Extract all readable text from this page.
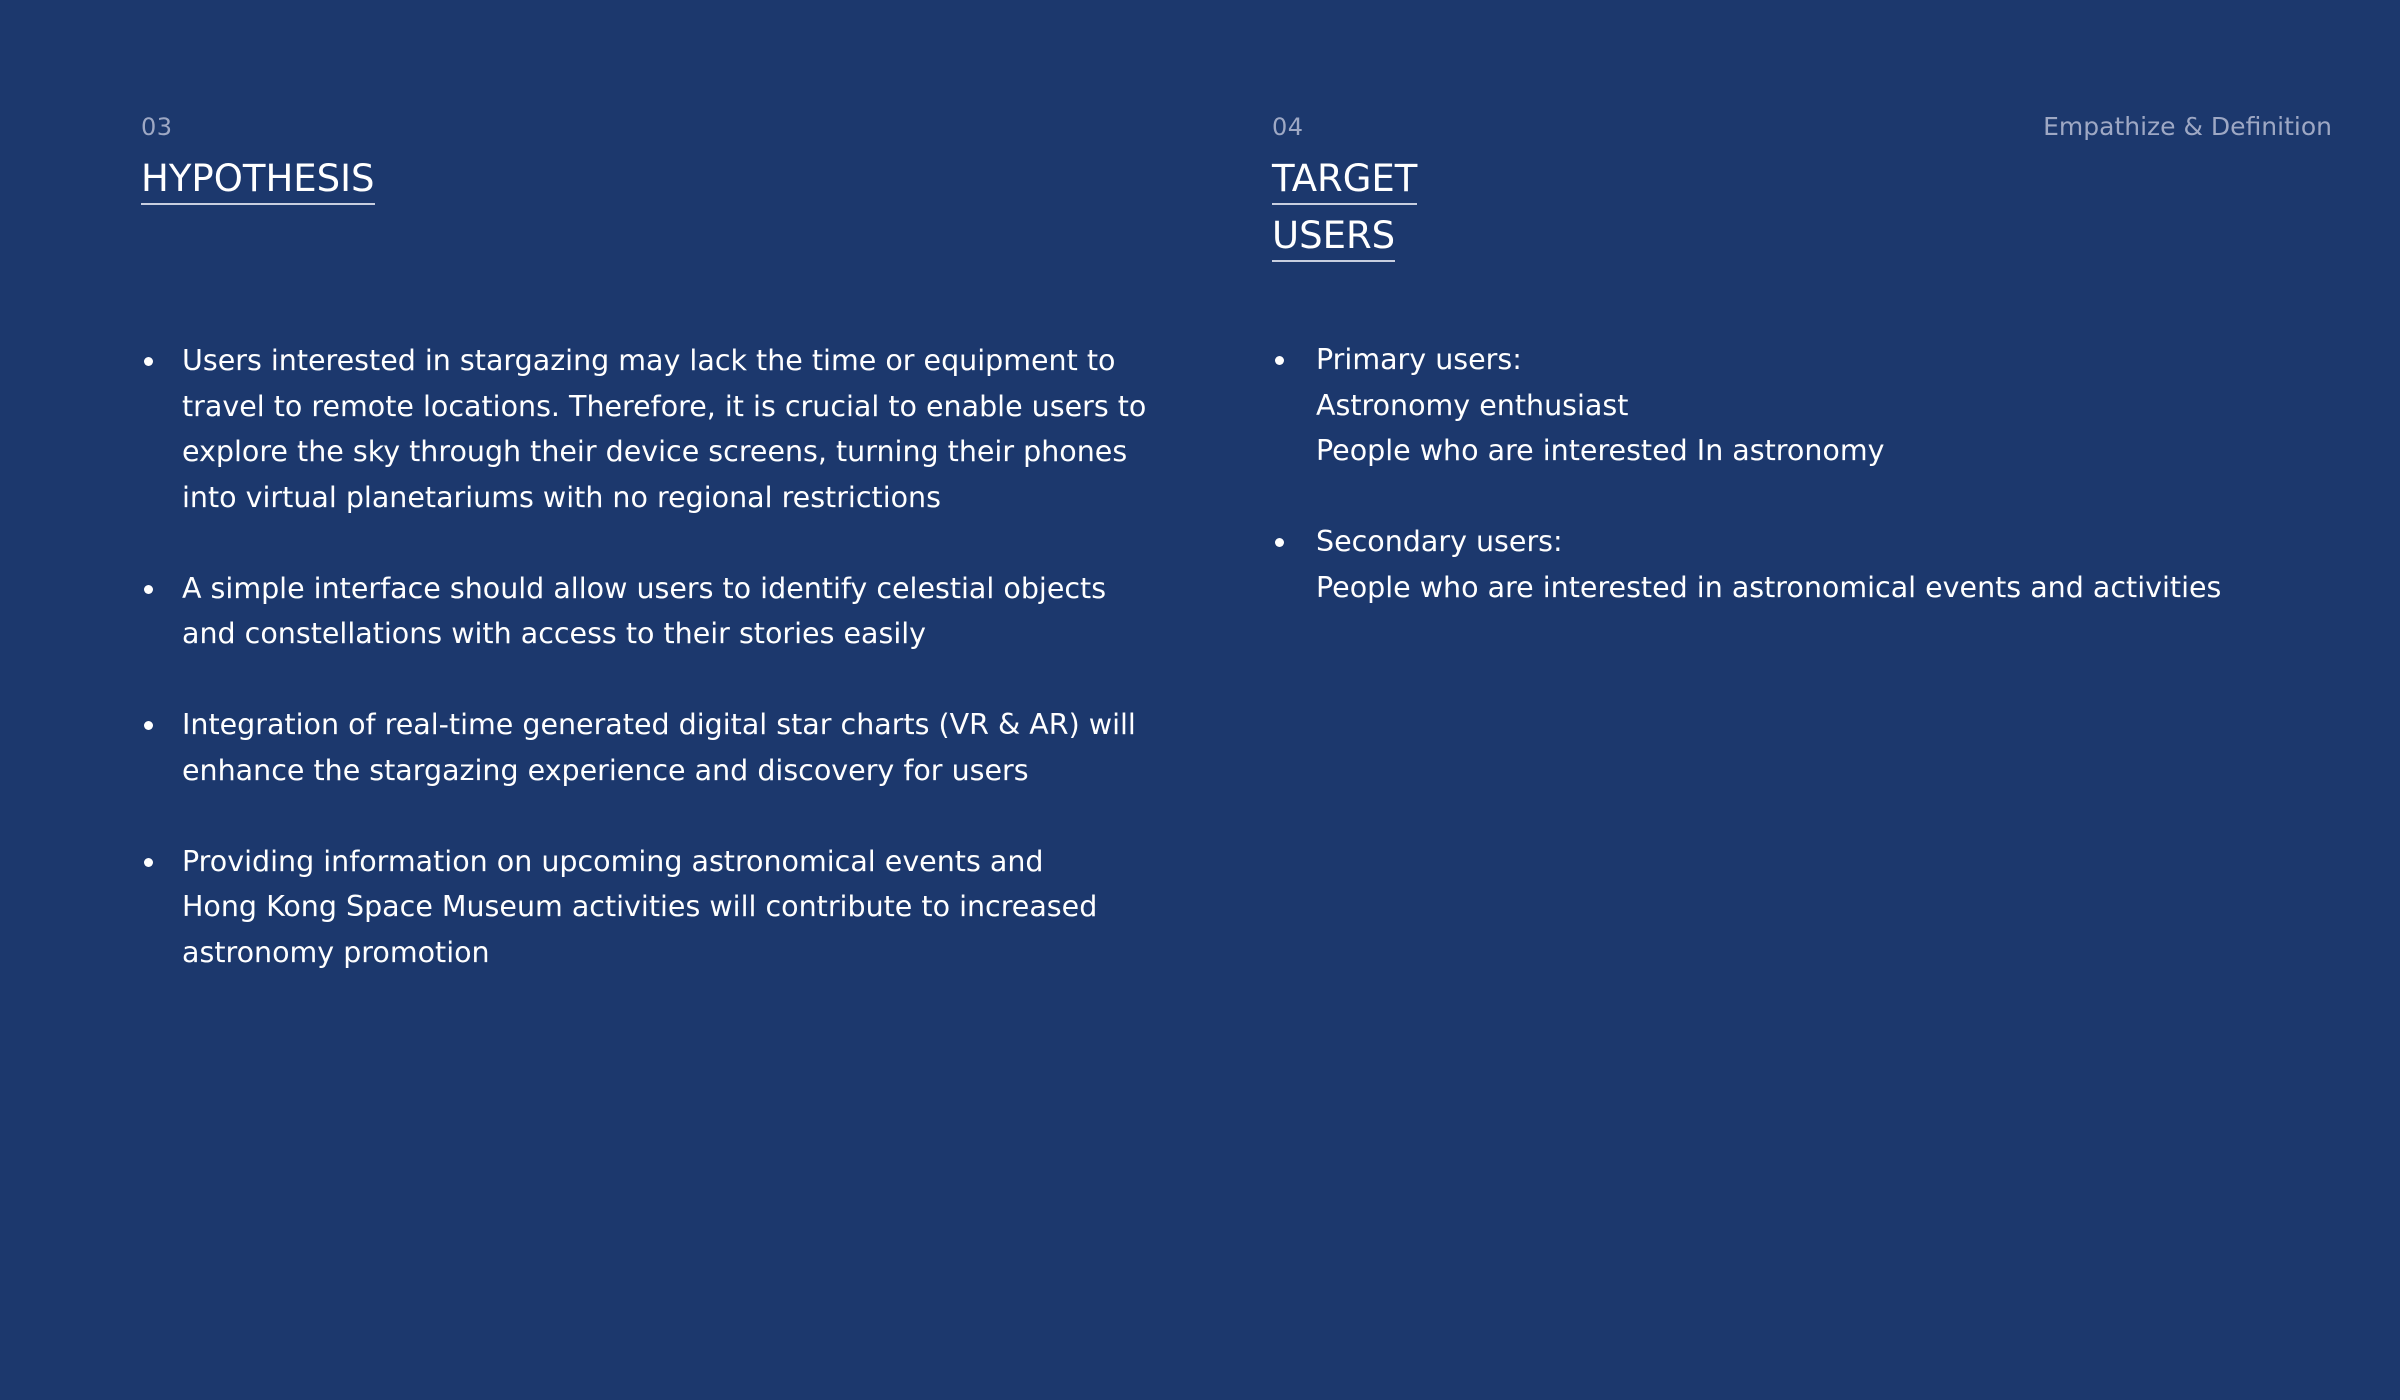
Empathize & Definition
03
HYPOTHESIS
Users interested in stargazing may lack the time or equipment to
travel to remote locations. Therefore, it is crucial to enable users to
explore the sky through their device screens, turning their phones
into virtual planetariums with no regional restrictions
A simple interface should allow users to identify celestial objects
and constellations with access to their stories easily
Integration of real-time generated digital star charts (VR & AR) will
enhance the stargazing experience and discovery for users
Providing information on upcoming astronomical events and
Hong Kong Space Museum activities will contribute to increased
astronomy promotion
04
TARGET
USERS
Primary users:
Astronomy enthusiast
People who are interested In astronomy
Secondary users:
People who are interested in astronomical events and activities
